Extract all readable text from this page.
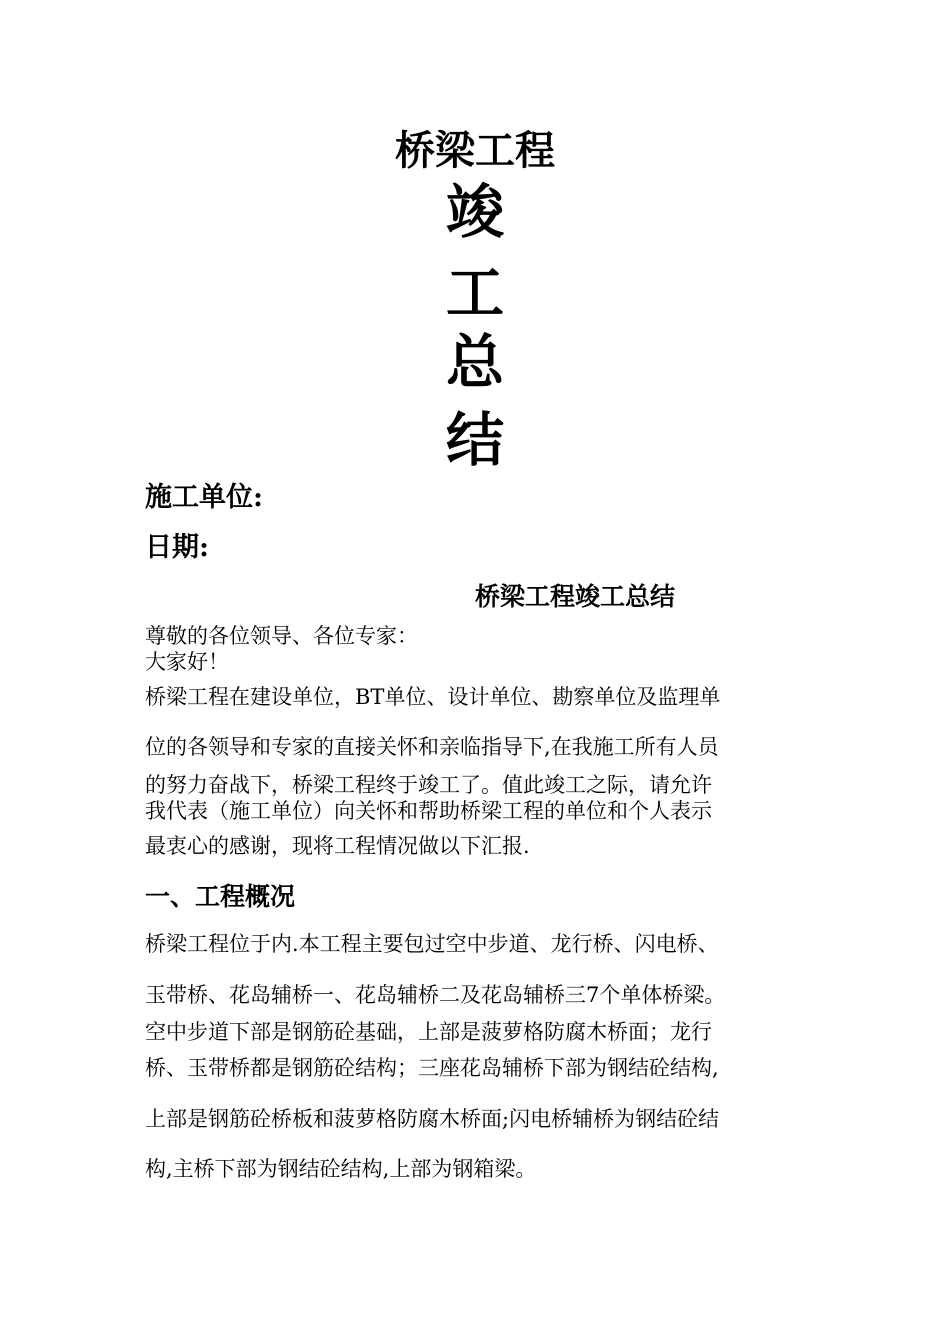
桥梁工程
竣
工
总
结
施工单位:
日期:
桥梁工程竣工总结
尊敬的各位领导、各位专家：
大家好！
桥梁工程在建设单位，BT单位、设计单位、勘察单位及监理单
位的各领导和专家的直接关怀和亲临指导下,在我施工所有人员
的努力奋战下，桥梁工程终于竣工了。值此竣工之际，请允许
我代表（施工单位）向关怀和帮助桥梁工程的单位和个人表示
最衷心的感谢，现将工程情况做以下汇报.
一、工程概况
桥梁工程位于内.本工程主要包过空中步道、龙行桥、闪电桥、
玉带桥、花岛辅桥一、花岛辅桥二及花岛辅桥三7个单体桥梁。
空中步道下部是钢筋砼基础，上部是菠萝格防腐木桥面；龙行
桥、玉带桥都是钢筋砼结构；三座花岛辅桥下部为钢结砼结构,
上部是钢筋砼桥板和菠萝格防腐木桥面;闪电桥辅桥为钢结砼结
构,主桥下部为钢结砼结构,上部为钢箱梁。
